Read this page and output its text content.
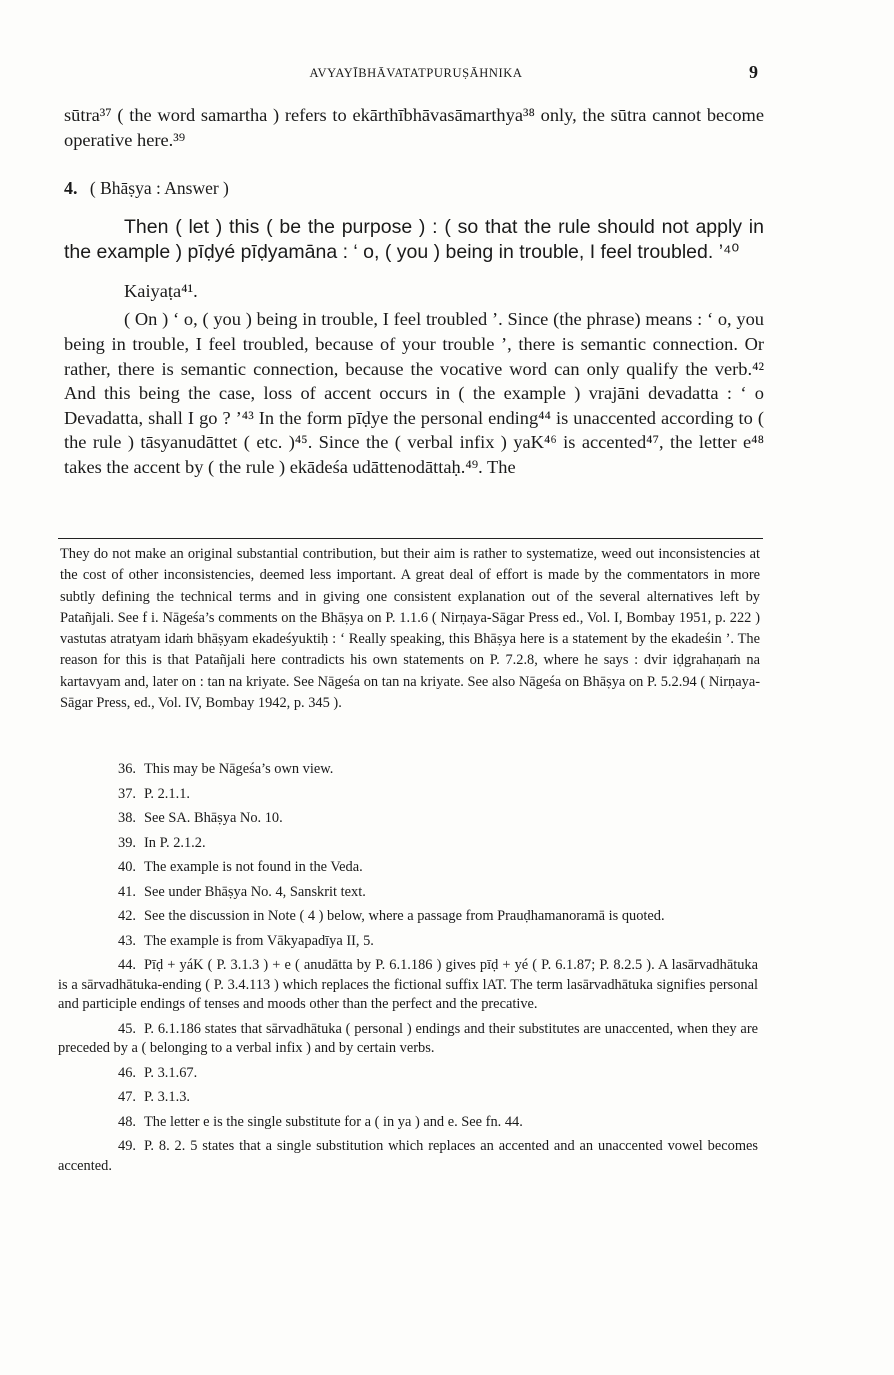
AVYAYĪBHĀVATATPURUṢĀHNIKA	9

sūtra³⁷ ( the word samartha ) refers to ekārthībhāvasāmarthya³⁸ only, the sūtra cannot become operative here.³⁹

4. ( Bhāṣya : Answer )

Then ( let ) this ( be the purpose ) : ( so that the rule should not apply in the example ) pīḍyé pīḍyamāna : ‘ o, ( you ) being in trouble, I feel troubled. ’⁴⁰

Kaiyaṭa⁴¹.

( On ) ‘ o, ( you ) being in trouble, I feel troubled ’. Since (the phrase) means : ‘ o, you being in trouble, I feel troubled, because of your trouble ’, there is semantic connection. Or rather, there is semantic connection, because the vocative word can only qualify the verb.⁴² And this being the case, loss of accent occurs in ( the example ) vrajāni devadatta : ‘ o Devadatta, shall I go ? ’⁴³ In the form pīḍye the personal ending⁴⁴ is unaccented according to ( the rule ) tāsyanudāttet ( etc. )⁴⁵. Since the ( verbal infix ) yaK⁴⁶ is accented⁴⁷, the letter e⁴⁸ takes the accent by ( the rule ) ekādeśa udāttenodāttaḥ.⁴⁹. The

They do not make an original substantial contribution, but their aim is rather to systematize, weed out inconsistencies at the cost of other inconsistencies, deemed less important. A great deal of effort is made by the commentators in more subtly defining the technical terms and in giving one consistent explanation out of the several alternatives left by Patañjali. See f i. Nāgeśa’s comments on the Bhāṣya on P. 1.1.6 ( Nirṇaya-Sāgar Press ed., Vol. I, Bombay 1951, p. 222 ) vastutas atratyam idaṁ bhāṣyam ekadeśyuktiḥ : ‘ Really speaking, this Bhāṣya here is a statement by the ekadeśin ’. The reason for this is that Patañjali here contradicts his own statements on P. 7.2.8, where he says : dvir iḍgrahaṇaṁ na kartavyam and, later on : tan na kriyate. See Nāgeśa on tan na kriyate. See also Nāgeśa on Bhāṣya on P. 5.2.94 ( Nirṇaya-Sāgar Press, ed., Vol. IV, Bombay 1942, p. 345 ).

36. This may be Nāgeśa’s own view.

37. P. 2.1.1.

38. See SA. Bhāṣya No. 10.

39. In P. 2.1.2.

40. The example is not found in the Veda.

41. See under Bhāṣya No. 4, Sanskrit text.

42. See the discussion in Note ( 4 ) below, where a passage from Prauḍhamanoramā is quoted.

43. The example is from Vākyapadīya II, 5.

44. Pīḍ + yáK ( P. 3.1.3 ) + e ( anudātta by P. 6.1.186 ) gives pīḍ + yé ( P. 6.1.87; P. 8.2.5 ). A lasārvadhātuka is a sārvadhātuka-ending ( P. 3.4.113 ) which replaces the fictional suffix lAT. The term lasārvadhātuka signifies personal and participle endings of tenses and moods other than the perfect and the precative.

45. P. 6.1.186 states that sārvadhātuka ( personal ) endings and their substitutes are unaccented, when they are preceded by a ( belonging to a verbal infix ) and by certain verbs.

46. P. 3.1.67.

47. P. 3.1.3.

48. The letter e is the single substitute for a ( in ya ) and e. See fn. 44.

49. P. 8. 2. 5 states that a single substitution which replaces an accented and an unaccented vowel becomes accented.
